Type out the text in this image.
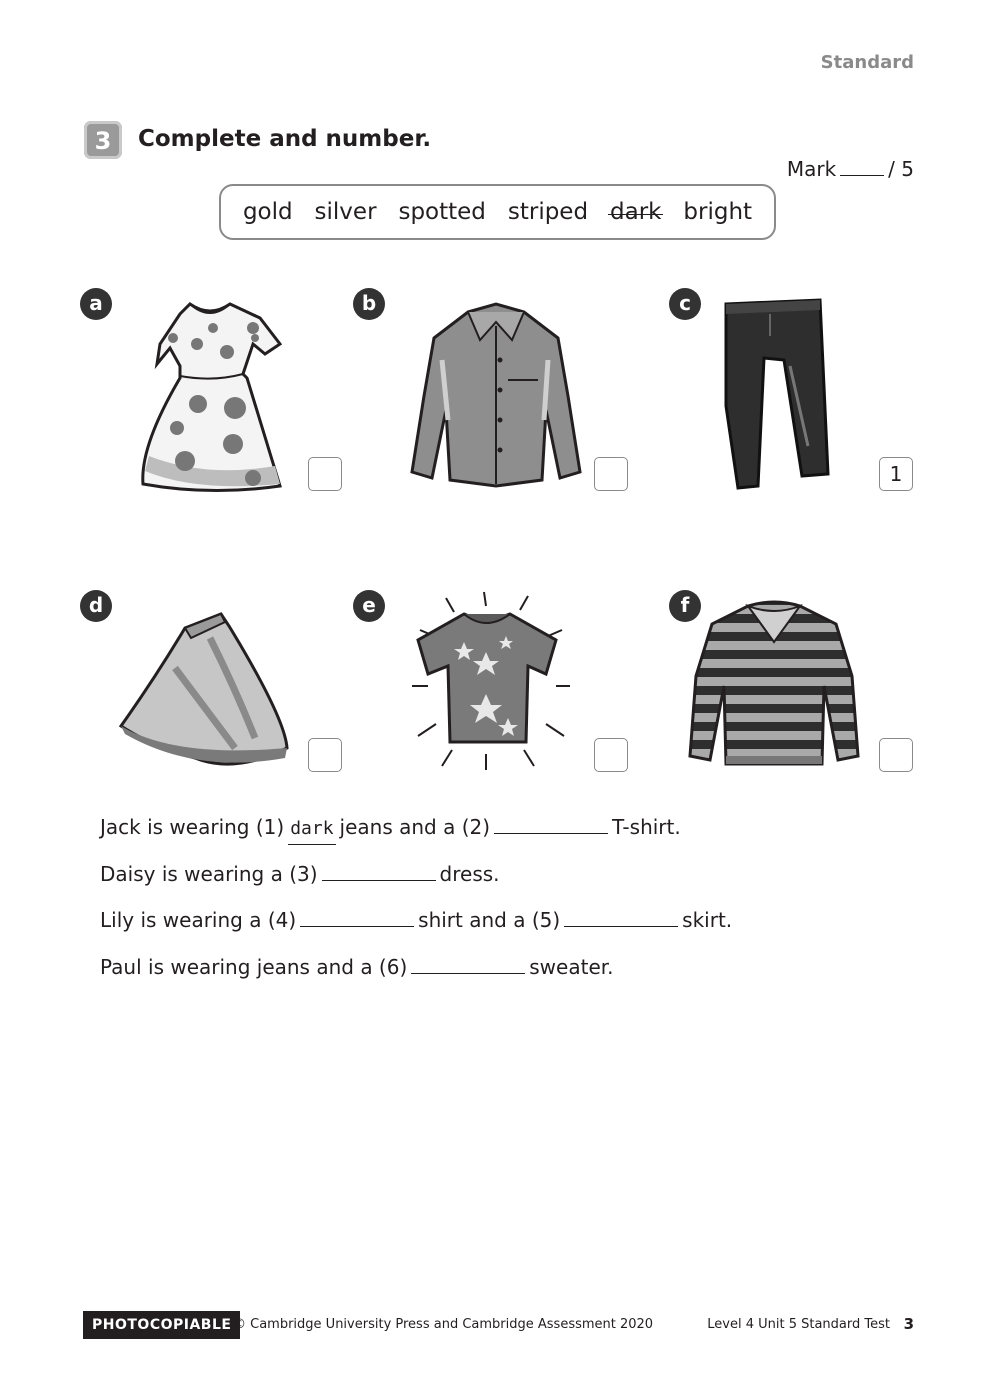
Standard
3	Complete and number.
Mark	/ 5
gold silver spotted striped dark bright
a	b	c
1
d	e	f
Jack is wearing (1) dark jeans and a (2)	T-shirt.
Daisy is wearing a (3)	dress.
Lily is wearing a (4)	shirt and a (5)	skirt.
Paul is wearing jeans and a (6)	sweater.
PHOTOCOPIABLE © Cambridge University Press and Cambridge Assessment 2020	Level 4 Unit 5 Standard Test 3
